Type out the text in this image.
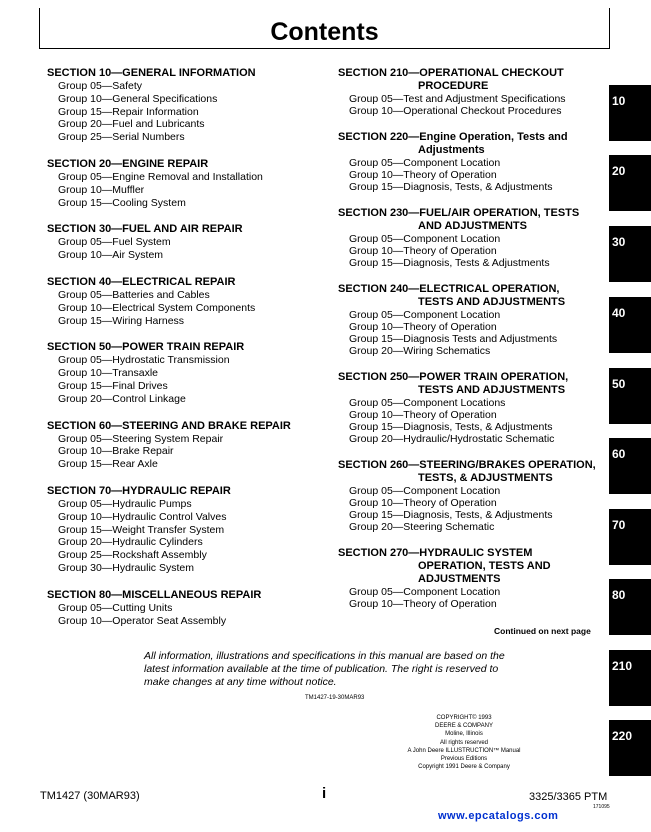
Contents
SECTION 10—GENERAL INFORMATION
Group 05—Safety
Group 10—General Specifications
Group 15—Repair Information
Group 20—Fuel and Lubricants
Group 25—Serial Numbers
SECTION 20—ENGINE REPAIR
Group 05—Engine Removal and Installation
Group 10—Muffler
Group 15—Cooling System
SECTION 30—FUEL AND AIR REPAIR
Group 05—Fuel System
Group 10—Air System
SECTION 40—ELECTRICAL REPAIR
Group 05—Batteries and Cables
Group 10—Electrical System Components
Group 15—Wiring Harness
SECTION 50—POWER TRAIN REPAIR
Group 05—Hydrostatic Transmission
Group 10—Transaxle
Group 15—Final Drives
Group 20—Control Linkage
SECTION 60—STEERING AND BRAKE REPAIR
Group 05—Steering System Repair
Group 10—Brake Repair
Group 15—Rear Axle
SECTION 70—HYDRAULIC REPAIR
Group 05—Hydraulic Pumps
Group 10—Hydraulic Control Valves
Group 15—Weight Transfer System
Group 20—Hydraulic Cylinders
Group 25—Rockshaft Assembly
Group 30—Hydraulic System
SECTION 80—MISCELLANEOUS REPAIR
Group 05—Cutting Units
Group 10—Operator Seat Assembly
SECTION 210—OPERATIONAL CHECKOUT
PROCEDURE
Group 05—Test and Adjustment Specifications
Group 10—Operational Checkout Procedures
SECTION 220—Engine Operation, Tests and
Adjustments
Group 05—Component Location
Group 10—Theory of Operation
Group 15—Diagnosis, Tests, & Adjustments
SECTION 230—FUEL/AIR OPERATION, TESTS
AND ADJUSTMENTS
Group 05—Component Location
Group 10—Theory of Operation
Group 15—Diagnosis, Tests & Adjustments
SECTION 240—ELECTRICAL OPERATION,
TESTS AND ADJUSTMENTS
Group 05—Component Location
Group 10—Theory of Operation
Group 15—Diagnosis Tests and Adjustments
Group 20—Wiring Schematics
SECTION 250—POWER TRAIN OPERATION,
TESTS AND ADJUSTMENTS
Group 05—Component Locations
Group 10—Theory of Operation
Group 15—Diagnosis, Tests, & Adjustments
Group 20—Hydraulic/Hydrostatic Schematic
SECTION 260—STEERING/BRAKES OPERATION,
TESTS, & ADJUSTMENTS
Group 05—Component Location
Group 10—Theory of Operation
Group 15—Diagnosis, Tests, & Adjustments
Group 20—Steering Schematic
SECTION 270—HYDRAULIC SYSTEM
OPERATION, TESTS AND ADJUSTMENTS
Group 05—Component Location
Group 10—Theory of Operation
Continued on next page
All information, illustrations and specifications in this manual are based on the latest information available at the time of publication. The right is reserved to make changes at any time without notice.
TM1427-19-30MAR93
COPYRIGHT© 1993
DEERE & COMPANY
Moline, Illinois
All rights reserved
A John Deere ILLUSTRUCTION™ Manual
Previous Editions
Copyright 1991 Deere & Company
10
20
30
40
50
60
70
80
210
220
TM1427 (30MAR93)	i	3325/3365 PTM
171095
www.epcatalogs.com
